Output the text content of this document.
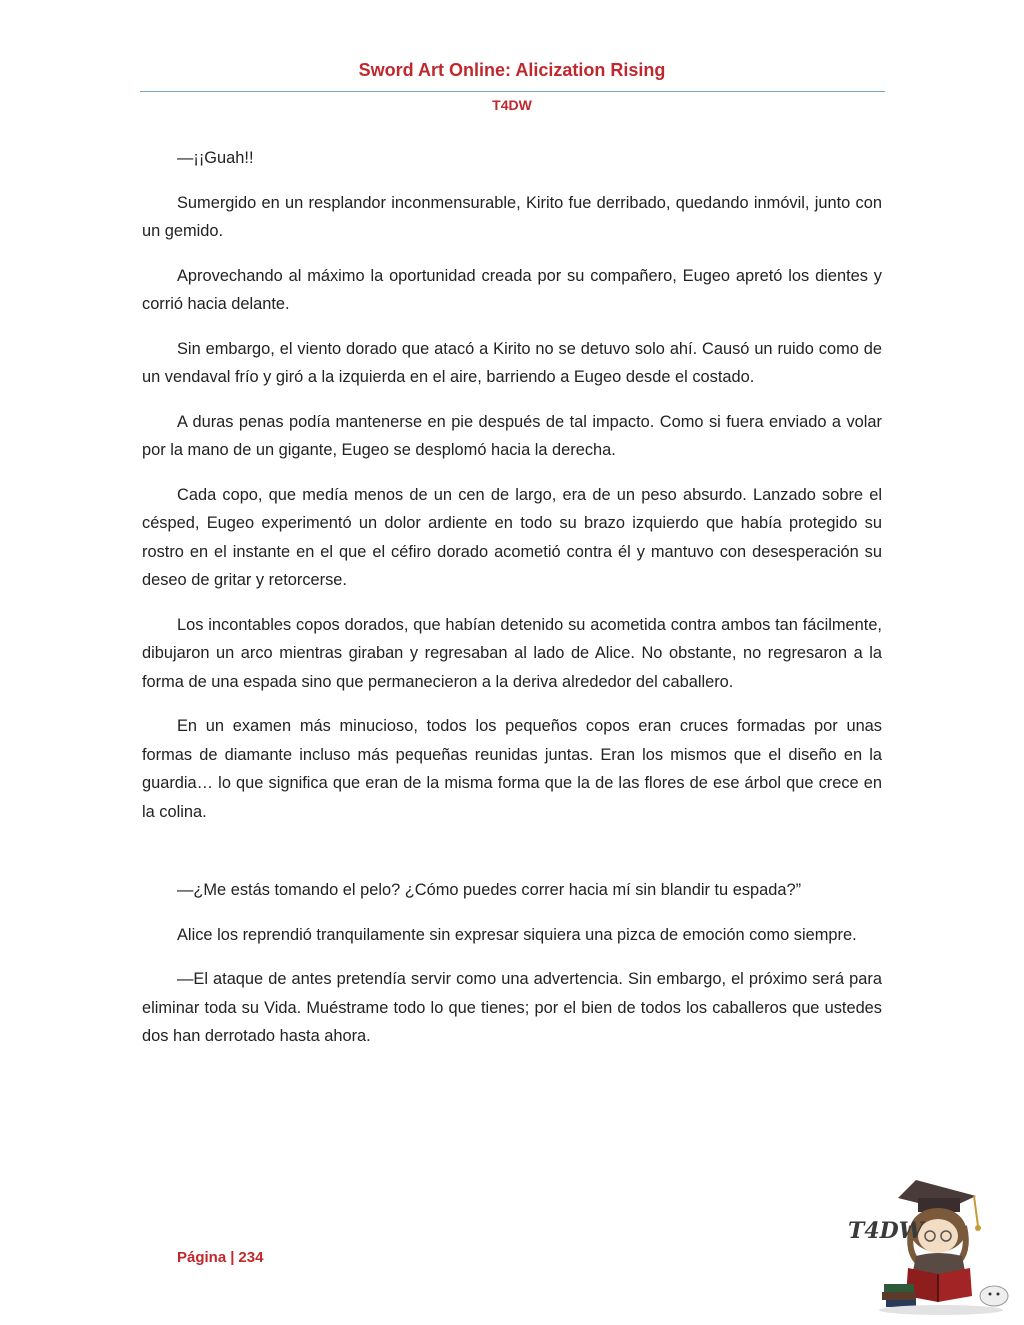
Sword Art Online: Alicization Rising
T4DW

—¡¡Guah!!

Sumergido en un resplandor inconmensurable, Kirito fue derribado, quedando inmóvil, junto con un gemido.

Aprovechando al máximo la oportunidad creada por su compañero, Eugeo apretó los dientes y corrió hacia delante.

Sin embargo, el viento dorado que atacó a Kirito no se detuvo solo ahí. Causó un ruido como de un vendaval frío y giró a la izquierda en el aire, barriendo a Eugeo desde el costado.

A duras penas podía mantenerse en pie después de tal impacto. Como si fuera enviado a volar por la mano de un gigante, Eugeo se desplomó hacia la derecha.

Cada copo, que medía menos de un cen de largo, era de un peso absurdo. Lanzado sobre el césped, Eugeo experimentó un dolor ardiente en todo su brazo izquierdo que había protegido su rostro en el instante en el que el céfiro dorado acometió contra él y mantuvo con desesperación su deseo de gritar y retorcerse.

Los incontables copos dorados, que habían detenido su acometida contra ambos tan fácilmente, dibujaron un arco mientras giraban y regresaban al lado de Alice. No obstante, no regresaron a la forma de una espada sino que permanecieron a la deriva alrededor del caballero.

En un examen más minucioso, todos los pequeños copos eran cruces formadas por unas formas de diamante incluso más pequeñas reunidas juntas. Eran los mismos que el diseño en la guardia… lo que significa que eran de la misma forma que la de las flores de ese árbol que crece en la colina.

—¿Me estás tomando el pelo? ¿Cómo puedes correr hacia mí sin blandir tu espada?”

Alice los reprendió tranquilamente sin expresar siquiera una pizca de emoción como siempre.

—El ataque de antes pretendía servir como una advertencia. Sin embargo, el próximo será para eliminar toda su Vida. Muéstrame todo lo que tienes; por el bien de todos los caballeros que ustedes dos han derrotado hasta ahora.

Página | 234
T4DW
